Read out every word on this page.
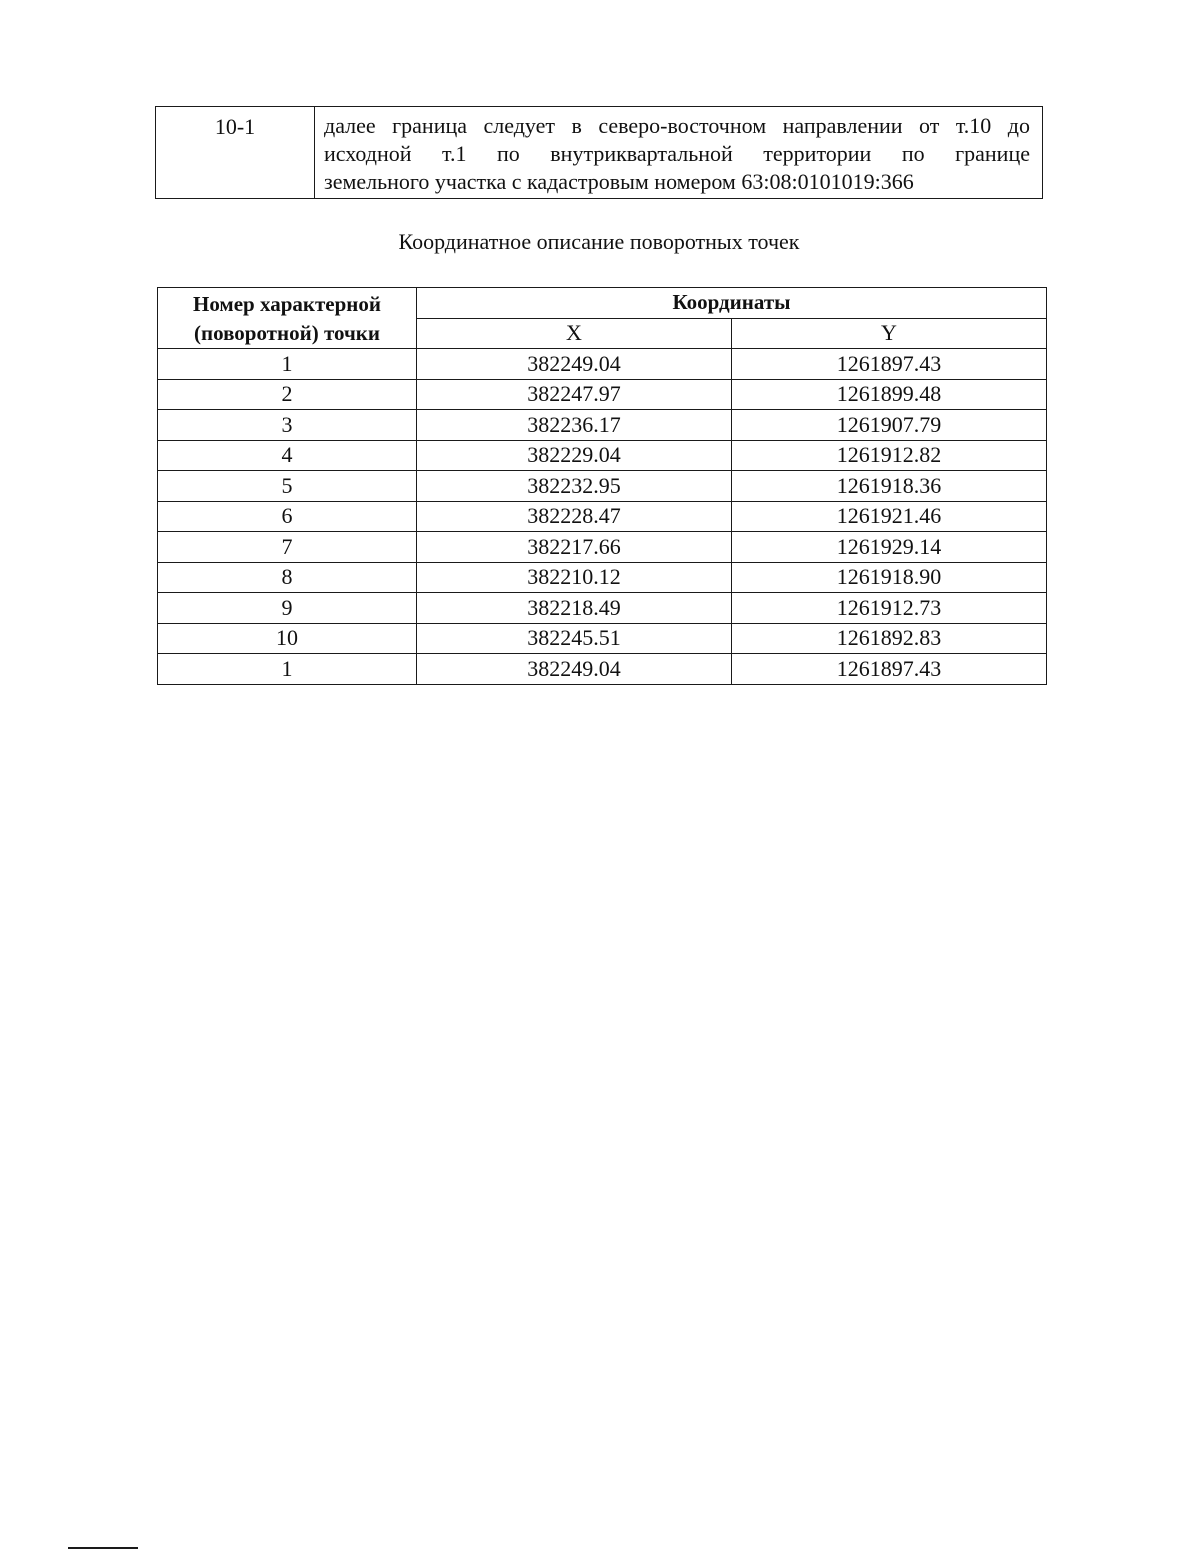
10-1	далее граница следует в северо-восточном направлении от т.10 до исходной т.1 по внутриквартальной территории по границе
земельного участка с кадастровым номером 63:08:0101019:366
Координатное описание поворотных точек
Номер характерной
(поворотной) точки	Координаты	
	X	Y
1	382249.04	1261897.43
2	382247.97	1261899.48
3	382236.17	1261907.79
4	382229.04	1261912.82
5	382232.95	1261918.36
6	382228.47	1261921.46
7	382217.66	1261929.14
8	382210.12	1261918.90
9	382218.49	1261912.73
10	382245.51	1261892.83
1	382249.04	1261897.43
